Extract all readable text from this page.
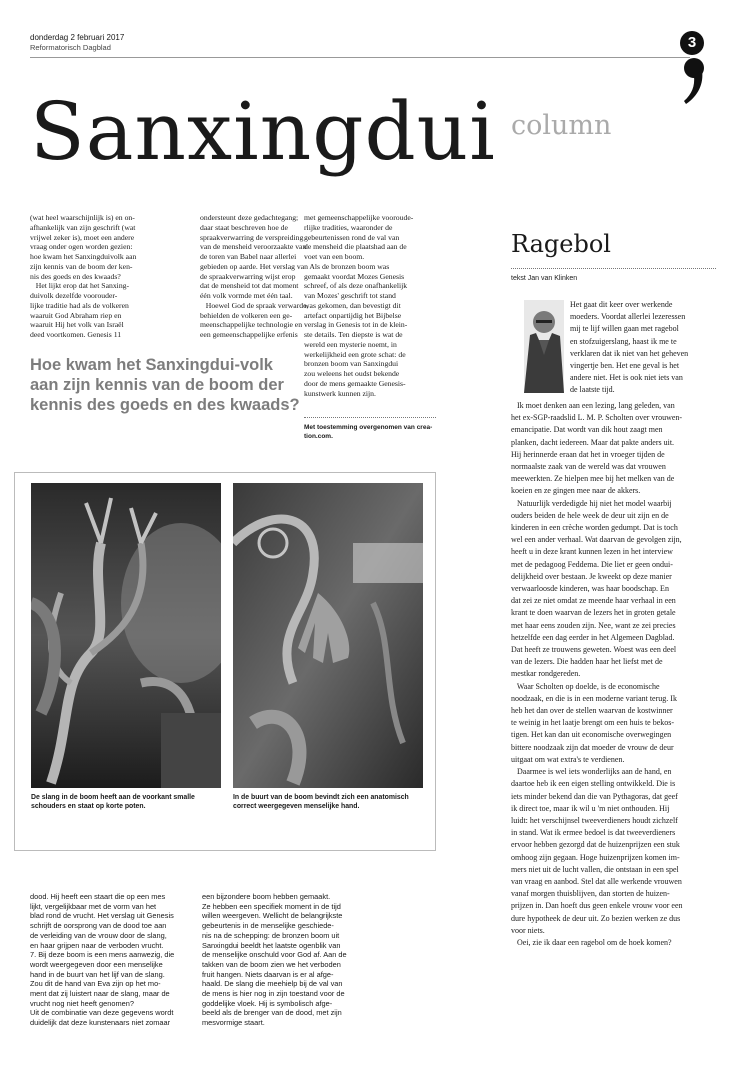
donderdag 2 februari 2017
Reformatorisch Dagblad	3
Sanxingdui column
(wat heel waarschijnlijk is) en on-
afhankelijk van zijn geschrift (wat
vrijwel zeker is), moet een andere
vraag onder ogen worden gezien:
hoe kwam het Sanxingduivolk aan
zijn kennis van de boom der ken-
nis des goeds en des kwaads?
Het lijkt erop dat het Sanxing-
duivolk dezelfde voorouder-
lijke traditie had als de volkeren
waaruit God Abraham riep en
waaruit Hij het volk van Israël
deed voortkomen. Genesis 11
ondersteunt deze gedachtegang;
daar staat beschreven hoe de
spraakverwarring de verspreiding
van de mensheid veroorzaakte van
de toren van Babel naar allerlei
gebieden op aarde. Het verslag van
de spraakverwarring wijst erop
dat de mensheid tot dat moment
één volk vormde met één taal.
Hoewel God de spraak verwarde,
behielden de volkeren een ge-
meenschappelijke technologie en
een gemeenschappelijke erfenis
met gemeenschappelijke vooroude-
rlijke tradities, waaronder de
gebeurtenissen rond de val van
de mensheid die plaatshad aan de
voet van een boom.
Als de bronzen boom was
gemaakt voordat Mozes Genesis
schreef, of als deze onafhankelijk
van Mozes' geschrift tot stand
was gekomen, dan bevestigt dit
artefact onpartijdig het Bijbelse
verslag in Genesis tot in de klein-
ste details. Ten diepste is wat de
wereld een mysterie noemt, in
werkelijkheid een grote schat: de
bronzen boom van Sanxingdui
zou weleens het oudst bekende
door de mens gemaakte Genesis-
kunstwerk kunnen zijn.
Hoe kwam het Sanxingdui-volk aan zijn kennis van de boom der kennis des goeds en des kwaads?
Met toestemming overgenomen van crea-
tion.com.
De slang in de boom heeft aan de voorkant smalle schouders en staat op korte poten.
In de buurt van de boom bevindt zich een anatomisch correct weergegeven menselijke hand.
dood. Hij heeft een staart die op een mes
lijkt, vergelijkbaar met de vorm van het
blad rond de vrucht. Het verslag uit Genesis
schrijft de oorsprong van de dood toe aan
de verleiding van de vrouw door de slang,
en haar grijpen naar de verboden vrucht.
7. Bij deze boom is een mens aanwezig, die
wordt weergegeven door een menselijke
hand in de buurt van het lijf van de slang.
Zou dit de hand van Eva zijn op het mo-
ment dat zij luistert naar de slang, maar de
vrucht nog niet heeft genomen?
Uit de combinatie van deze gegevens wordt
duidelijk dat deze kunstenaars niet zomaar
een bijzondere boom hebben gemaakt.
Ze hebben een specifiek moment in de tijd
willen weergeven. Wellicht de belangrijkste
gebeurtenis in de menselijke geschiede-
nis na de schepping: de bronzen boom uit
Sanxingdui beeldt het laatste ogenblik van
de menselijke onschuld voor God af. Aan de
takken van de boom zien we het verboden
fruit hangen. Niets daarvan is er al afge-
haald. De slang die meehielp bij de val van
de mens is hier nog in zijn toestand voor de
goddelijke vloek. Hij is symbolisch afge-
beeld als de brenger van de dood, met zijn
mesvormige staart.
Ragebol
tekst Jan van Klinken
Het gaat dit keer over werkende
moeders. Voordat allerlei lezeressen
mij te lijf willen gaan met ragebol
en stofzuigerslang, haast ik me te
verklaren dat ik niet van het geheven
vingertje ben. Het ene geval is het
andere niet. Het is ook niet iets van
de laatste tijd.
Ik moet denken aan een lezing, lang geleden, van
het ex-SGP-raadslid L. M. P. Scholten over vrouwen-
emancipatie. Dat wordt van dik hout zaagt men
planken, dacht iedereen. Maar dat pakte anders uit.
Hij herinnerde eraan dat het in vroeger tijden de
normaalste zaak van de wereld was dat vrouwen
meewerkten. Ze hielpen mee bij het melken van de
koeien en ze gingen mee naar de akkers.
Natuurlijk verdedigde hij niet het model waarbij
ouders beiden de hele week de deur uit zijn en de
kinderen in een crèche worden gedumpt. Dat is toch
wel een ander verhaal. Wat daarvan de gevolgen zijn,
heeft u in deze krant kunnen lezen in het interview
met de pedagoog Feddema. Die liet er geen ondui-
delijkheid over bestaan. Je kweekt op deze manier
verwaarloosde kinderen, was haar boodschap. En
dat zei ze niet omdat ze meende haar verhaal in een
krant te doen waarvan de lezers het in groten getale
met haar eens zouden zijn. Nee, want ze zei precies
hetzelfde een dag eerder in het Algemeen Dagblad.
Dat heeft ze trouwens geweten. Woest was een deel
van de lezers. Die hadden haar het liefst met de
mestkar rondgereden.
Waar Scholten op doelde, is de economische
noodzaak, en die is in een moderne variant terug. Ik
heb het dan over de stellen waarvan de kostwinner
te weinig in het laatje brengt om een huis te bekos-
tigen. Het kan dan uit economische overwegingen
bittere noodzaak zijn dat moeder de vrouw de deur
uitgaat om wat extra's te verdienen.
Daarmee is wel iets wonderlijks aan de hand, en
daartoe heb ik een eigen stelling ontwikkeld. Die is
iets minder bekend dan die van Pythagoras, dat geef
ik direct toe, maar ik wil u 'm niet onthouden. Hij
luidt: het verschijnsel tweeverdieners houdt zichzelf
in stand. Wat ik ermee bedoel is dat tweeverdieners
ervoor hebben gezorgd dat de huizenprijzen een stuk
omhoog zijn gegaan. Hoge huizenprijzen komen im-
mers niet uit de lucht vallen, die ontstaan in een spel
van vraag en aanbod. Stel dat alle werkende vrouwen
vanaf morgen thuisblijven, dan storten de huizen-
prijzen in. Dan hoeft dus geen enkele vrouw voor een
dure hypotheek de deur uit. Zo bezien werken ze dus
voor niets.
Oei, zie ik daar een ragebol om de hoek komen?
